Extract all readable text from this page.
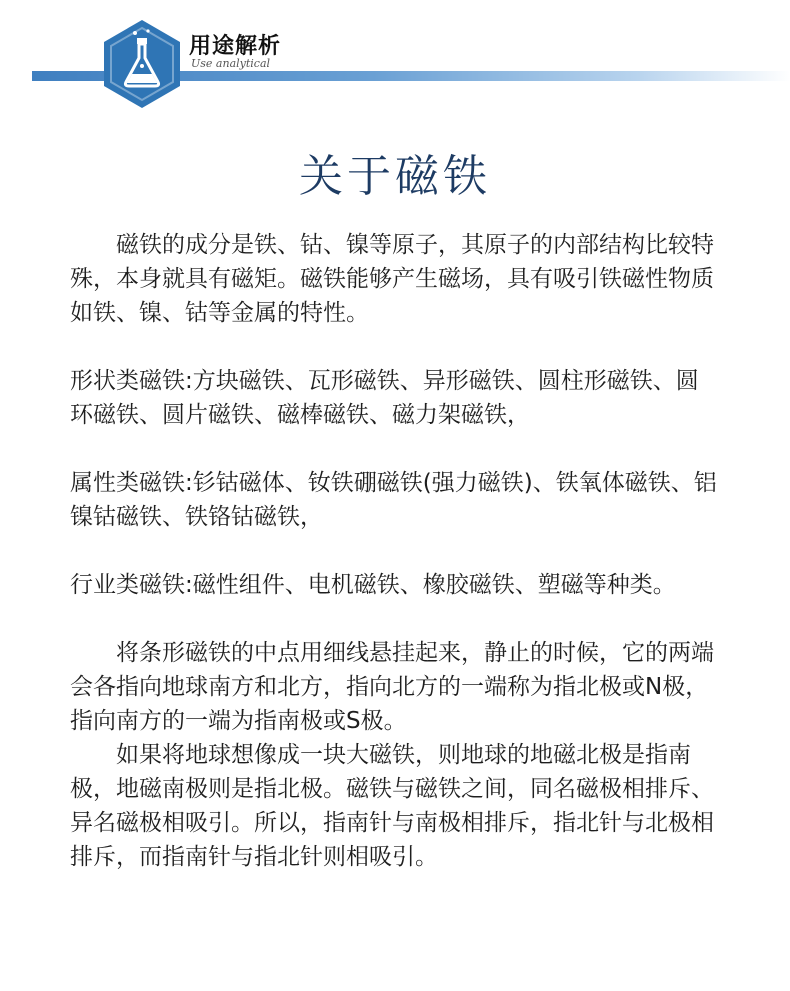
用途解析
Use analytical
关于磁铁

磁铁的成分是铁、钴、镍等原子，其原子的内部结构比较特殊，本身就具有磁矩。磁铁能够产生磁场，具有吸引铁磁性物质如铁、镍、钴等金属的特性。

形状类磁铁:方块磁铁、瓦形磁铁、异形磁铁、圆柱形磁铁、圆环磁铁、圆片磁铁、磁棒磁铁、磁力架磁铁，

属性类磁铁:钐钴磁体、钕铁硼磁铁(强力磁铁)、铁氧体磁铁、铝镍钴磁铁、铁铬钴磁铁，

行业类磁铁:磁性组件、电机磁铁、橡胶磁铁、塑磁等种类。

将条形磁铁的中点用细线悬挂起来，静止的时候，它的两端会各指向地球南方和北方，指向北方的一端称为指北极或N极，指向南方的一端为指南极或S极。

如果将地球想像成一块大磁铁，则地球的地磁北极是指南极，地磁南极则是指北极。磁铁与磁铁之间，同名磁极相排斥、异名磁极相吸引。所以，指南针与南极相排斥，指北针与北极相排斥，而指南针与指北针则相吸引。
